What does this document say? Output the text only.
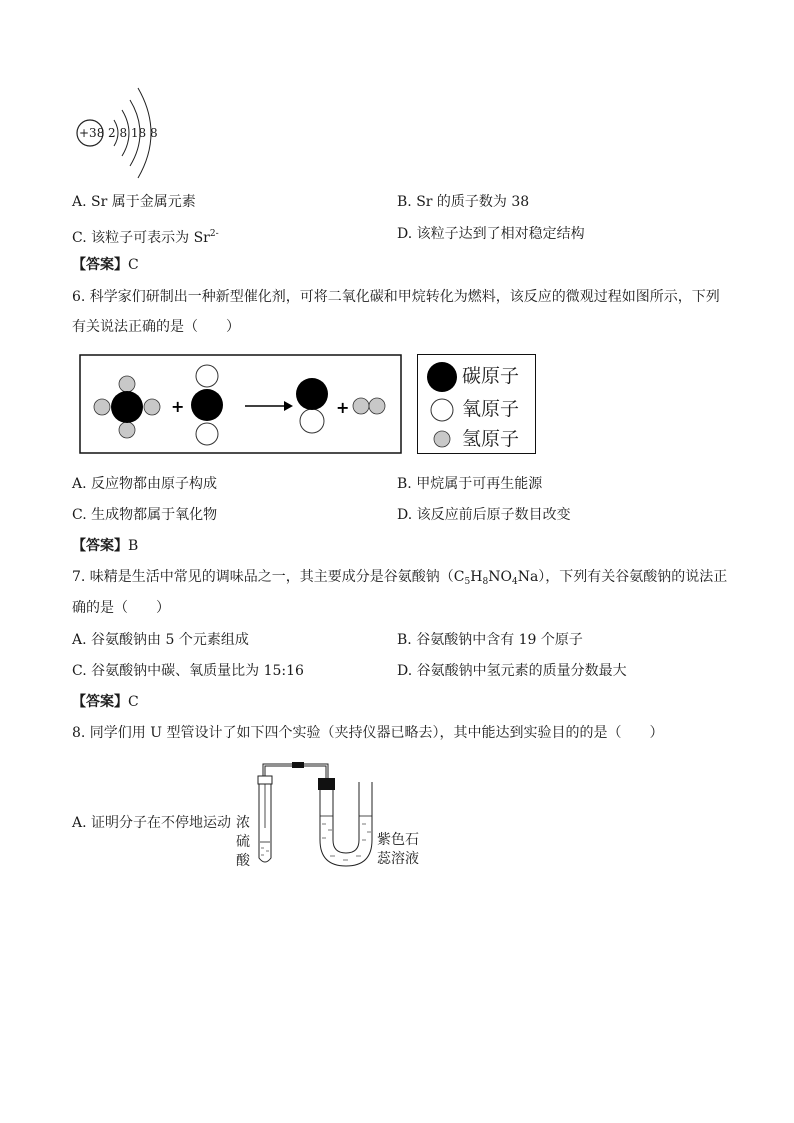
+38 2 8 18 8
A. Sr 属于金属元素	B. Sr 的质子数为 38
C. 该粒子可表示为 $Sr^{2-}$	D. 该粒子达到了相对稳定结构
【答案】C
6. 科学家们研制出一种新型催化剂，可将二氧化碳和甲烷转化为燃料，该反应的微观过程如图所示，下列
有关说法正确的是（　　）
+	+
碳原子
氧原子
氢原子
A. 反应物都由原子构成	B. 甲烷属于可再生能源
C. 生成物都属于氧化物	D. 该反应前后原子数目改变
【答案】B
7. 味精是生活中常见的调味品之一，其主要成分是谷氨酸钠$(C_5H_8NO_4Na)$，下列有关谷氨酸钠的说法正
确的是（　　）
A. 谷氨酸钠由 5 个元素组成	B. 谷氨酸钠中含有 19 个原子
C. 谷氨酸钠中碳、氧质量比为 15:16	D. 谷氨酸钠中氢元素的质量分数最大
【答案】C
8. 同学们用 U 型管设计了如下四个实验（夹持仪器已略去），其中能达到实验目的的是（　　）
A. 证明分子在不停地运动 浓
硫
酸
紫色石
蕊溶液
